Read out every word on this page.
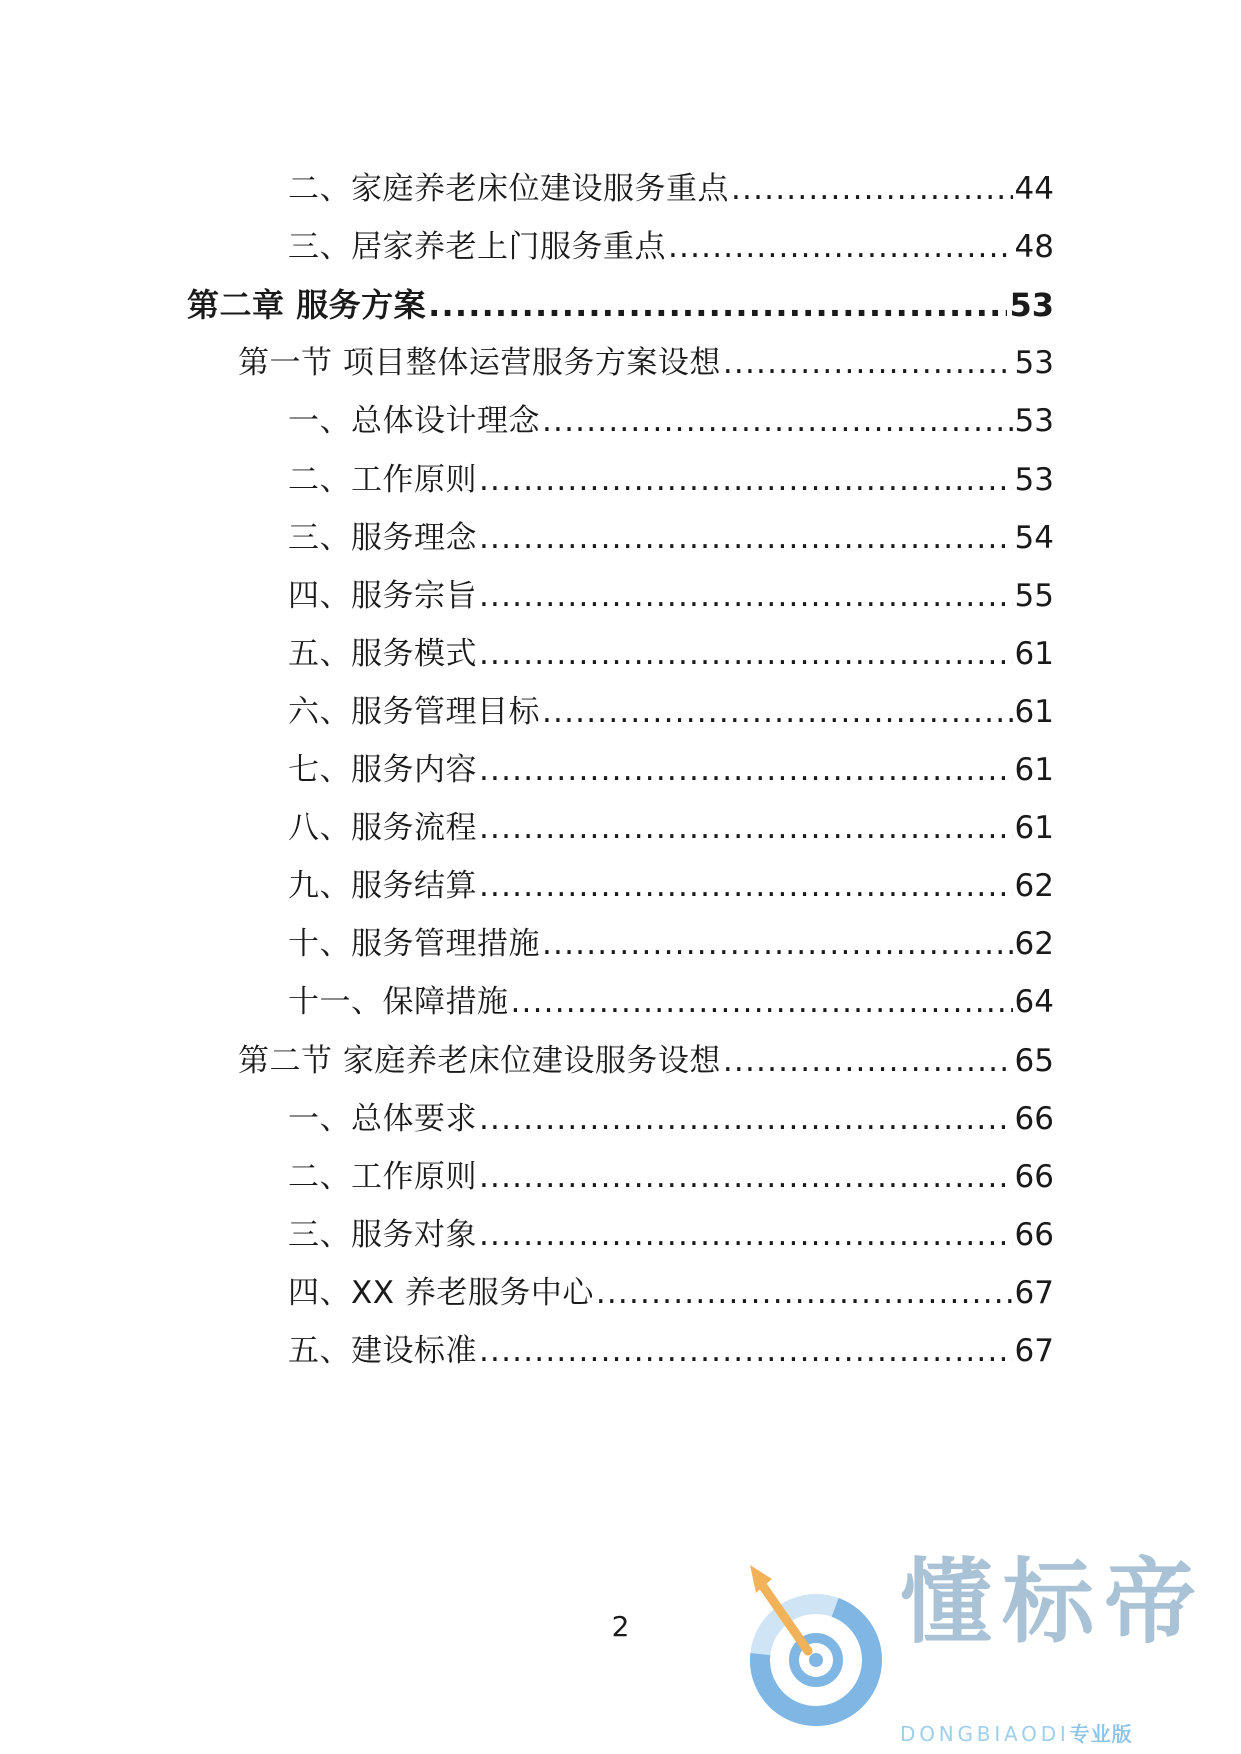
二、家庭养老床位建设服务重点 .....	44
三、居家养老上门服务重点 .....	48
第二章 服务方案 .....	53
第一节 项目整体运营服务方案设想 .....	53
一、总体设计理念 .....	53
二、工作原则 .....	53
三、服务理念 .....	54
四、服务宗旨 .....	55
五、服务模式 .....	61
六、服务管理目标 .....	61
七、服务内容 .....	61
八、服务流程 .....	61
九、服务结算 .....	62
十、服务管理措施 .....	62
十一、保障措施 .....	64
第二节 家庭养老床位建设服务设想 .....	65
一、总体要求 .....	66
二、工作原则 .....	66
三、服务对象 .....	66
四、XX 养老服务中心 .....	67
五、建设标准 .....	67
2	懂标帝
DONGBIAODI专业版
